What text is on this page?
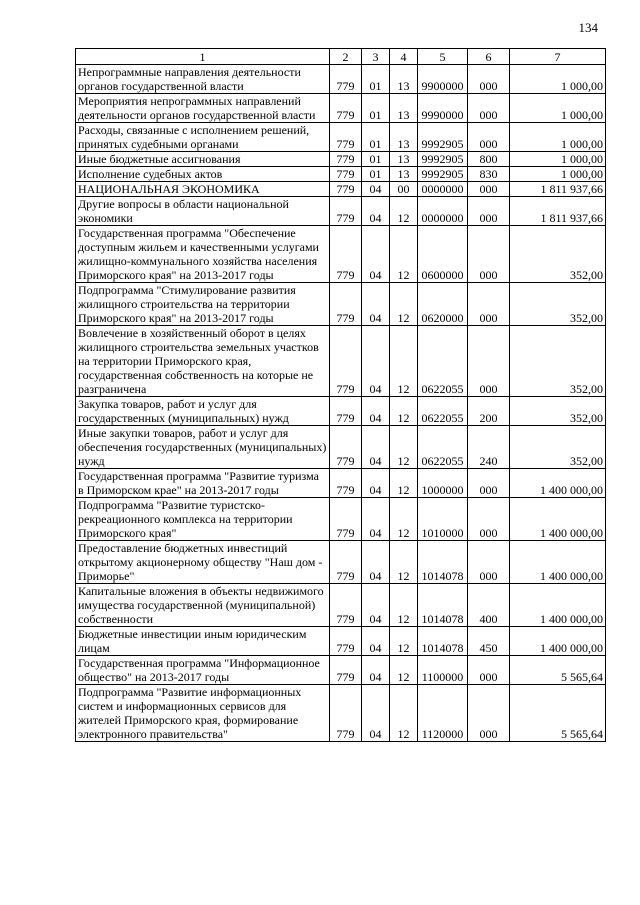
134
1	2	3	4	5	6	7
Непрограммные направления деятельности органов государственной власти	779	01	13	9900000	000	1 000,00
Мероприятия непрограммных направлений деятельности органов государственной власти	779	01	13	9990000	000	1 000,00
Расходы, связанные с исполнением решений, принятых судебными органами	779	01	13	9992905	000	1 000,00
Иные бюджетные ассигнования	779	01	13	9992905	800	1 000,00
Исполнение судебных актов	779	01	13	9992905	830	1 000,00
НАЦИОНАЛЬНАЯ ЭКОНОМИКА	779	04	00	0000000	000	1 811 937,66
Другие вопросы в области национальной экономики	779	04	12	0000000	000	1 811 937,66
Государственная программа "Обеспечение доступным жильем и качественными услугами жилищно-коммунального хозяйства населения Приморского края" на 2013-2017 годы	779	04	12	0600000	000	352,00
Подпрограмма "Стимулирование развития жилищного строительства на территории Приморского края" на 2013-2017 годы	779	04	12	0620000	000	352,00
Вовлечение в хозяйственный оборот в целях жилищного строительства земельных участков на территории Приморского края, государственная собственность на которые не разграничена	779	04	12	0622055	000	352,00
Закупка товаров, работ и услуг для государственных (муниципальных) нужд	779	04	12	0622055	200	352,00
Иные закупки товаров, работ и услуг для обеспечения государственных (муниципальных) нужд	779	04	12	0622055	240	352,00
Государственная программа "Развитие туризма в Приморском крае" на 2013-2017 годы	779	04	12	1000000	000	1 400 000,00
Подпрограмма "Развитие туристско-рекреационного комплекса на территории Приморского края"	779	04	12	1010000	000	1 400 000,00
Предоставление бюджетных инвестиций открытому акционерному обществу "Наш дом - Приморье"	779	04	12	1014078	000	1 400 000,00
Капитальные вложения в объекты недвижимого имущества государственной (муниципальной) собственности	779	04	12	1014078	400	1 400 000,00
Бюджетные инвестиции иным юридическим лицам	779	04	12	1014078	450	1 400 000,00
Государственная программа "Информационное общество" на 2013-2017 годы	779	04	12	1100000	000	5 565,64
Подпрограмма "Развитие информационных систем и информационных сервисов для жителей Приморского края, формирование электронного правительства"	779	04	12	1120000	000	5 565,64
